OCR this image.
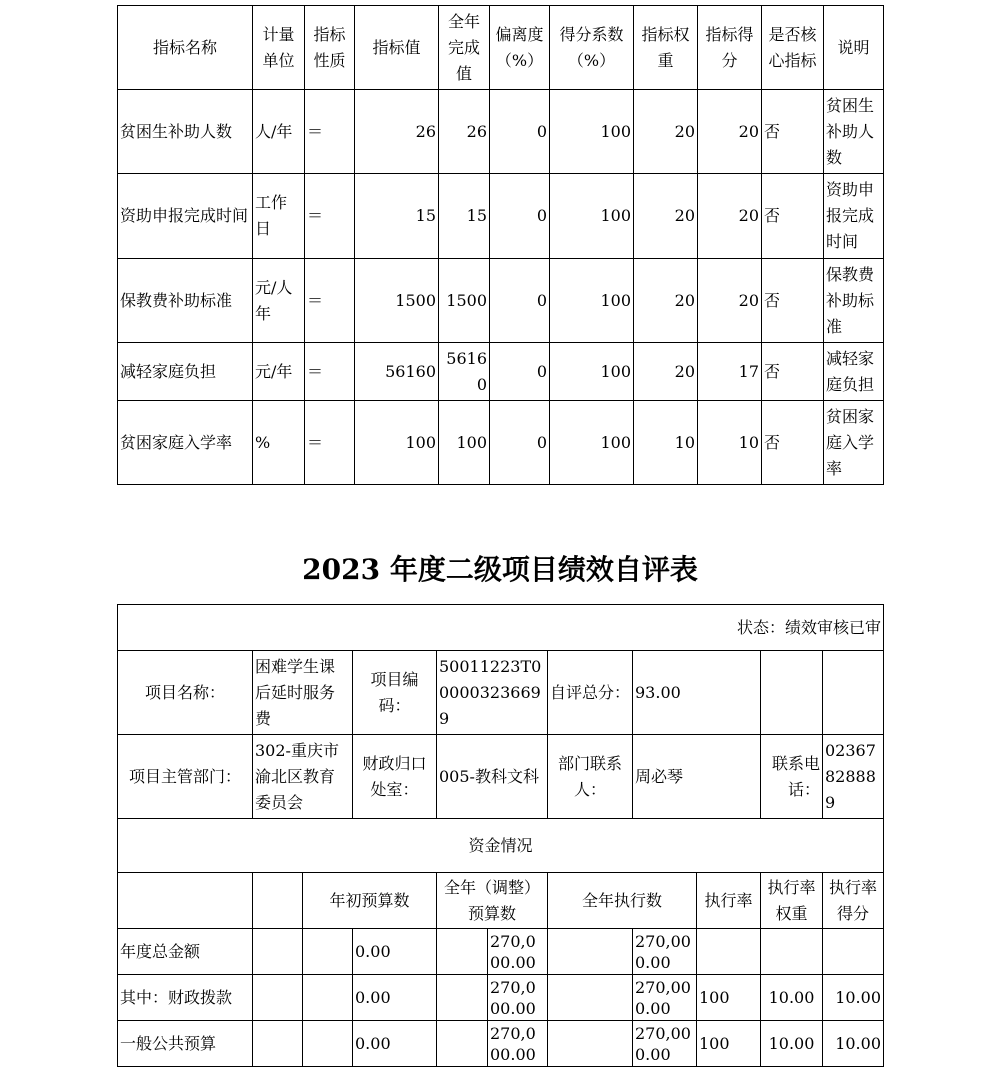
指标名称	计量单位	指标性质	指标值	全年完成值	偏离度（%）	得分系数（%）	指标权重	指标得分	是否核心指标	说明
贫困生补助人数	人/年	＝	26	26	0	100	20	20	否	贫困生补助人数
资助申报完成时间	工作日	＝	15	15	0	100	20	20	否	资助申报完成时间
保教费补助标准	元/人年	＝	1500	1500	0	100	20	20	否	保教费补助标准
减轻家庭负担	元/年	＝	56160	56160	0	100	20	17	否	减轻家庭负担
贫困家庭入学率	%	＝	100	100	0	100	10	10	否	贫困家庭入学率
2023 年度二级项目绩效自评表
状态：绩效审核已审										
项目名称：	困难学生课后延时服务费		项目编码：	50011223T000003236699		自评总分：	93.00			
项目主管部门：	302-重庆市渝北区教育委员会		财政归口处室：	005-教科文科		部门联系人：	周必琴		联系电话：	02367828889
资金情况										
		年初预算数		全年（调整）预算数		全年执行数		执行率	执行率权重	执行率得分
年度总金额			0.00		270,000.00		270,000.00			
其中：财政拨款			0.00		270,000.00		270,000.00	100	10.00	10.00
一般公共预算			0.00		270,000.00		270,000.00	100	10.00	10.00
